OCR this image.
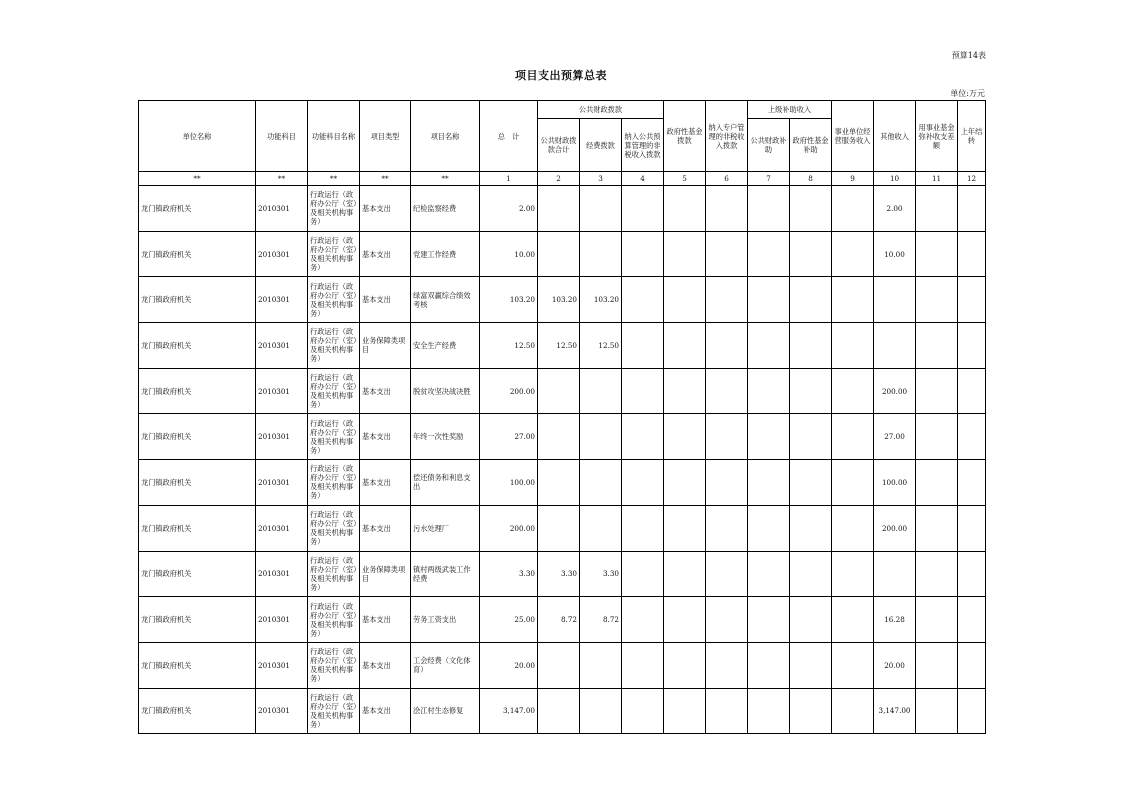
预算14表
项目支出预算总表
单位:万元
单位名称	功能科目	功能科目名称	项目类型	项目名称	总　计	公共财政拨款			政府性基金拨款	纳入专户管理的非税收入拨款	上级补助收入		事业单位经营服务收入	其他收入	用事业基金弥补收支差额	上年结转
						公共财政拨款合计	经费拨款	纳入公共预算管理的非税收入拨款			公共财政补助	政府性基金补助				
**	**	**	**	**	1	2	3	4	5	6	7	8	9	10	11	12
龙门镇政府机关	2010301	行政运行（政府办公厅（室）及相关机构事务）	基本支出	纪检监察经费	2.00									2.00		
龙门镇政府机关	2010301	行政运行（政府办公厅（室）及相关机构事务）	基本支出	党建工作经费	10.00									10.00		
龙门镇政府机关	2010301	行政运行（政府办公厅（室）及相关机构事务）	基本支出	绿富双赢综合绩效考核	103.20	103.20	103.20									
龙门镇政府机关	2010301	行政运行（政府办公厅（室）及相关机构事务）	业务保障类项目	安全生产经费	12.50	12.50	12.50									
龙门镇政府机关	2010301	行政运行（政府办公厅（室）及相关机构事务）	基本支出	脱贫攻坚决战决胜	200.00									200.00		
龙门镇政府机关	2010301	行政运行（政府办公厅（室）及相关机构事务）	基本支出	年终一次性奖励	27.00									27.00		
龙门镇政府机关	2010301	行政运行（政府办公厅（室）及相关机构事务）	基本支出	偿还债务和利息支出	100.00									100.00		
龙门镇政府机关	2010301	行政运行（政府办公厅（室）及相关机构事务）	基本支出	污水处理厂	200.00									200.00		
龙门镇政府机关	2010301	行政运行（政府办公厅（室）及相关机构事务）	业务保障类项目	镇村两级武装工作经费	3.30	3.30	3.30									
龙门镇政府机关	2010301	行政运行（政府办公厅（室）及相关机构事务）	基本支出	劳务工资支出	25.00	8.72	8.72							16.28		
龙门镇政府机关	2010301	行政运行（政府办公厅（室）及相关机构事务）	基本支出	工会经费（文化体育）	20.00									20.00		
龙门镇政府机关	2010301	行政运行（政府办公厅（室）及相关机构事务）	基本支出	浍江村生态修复	3,147.00									3,147.00		
